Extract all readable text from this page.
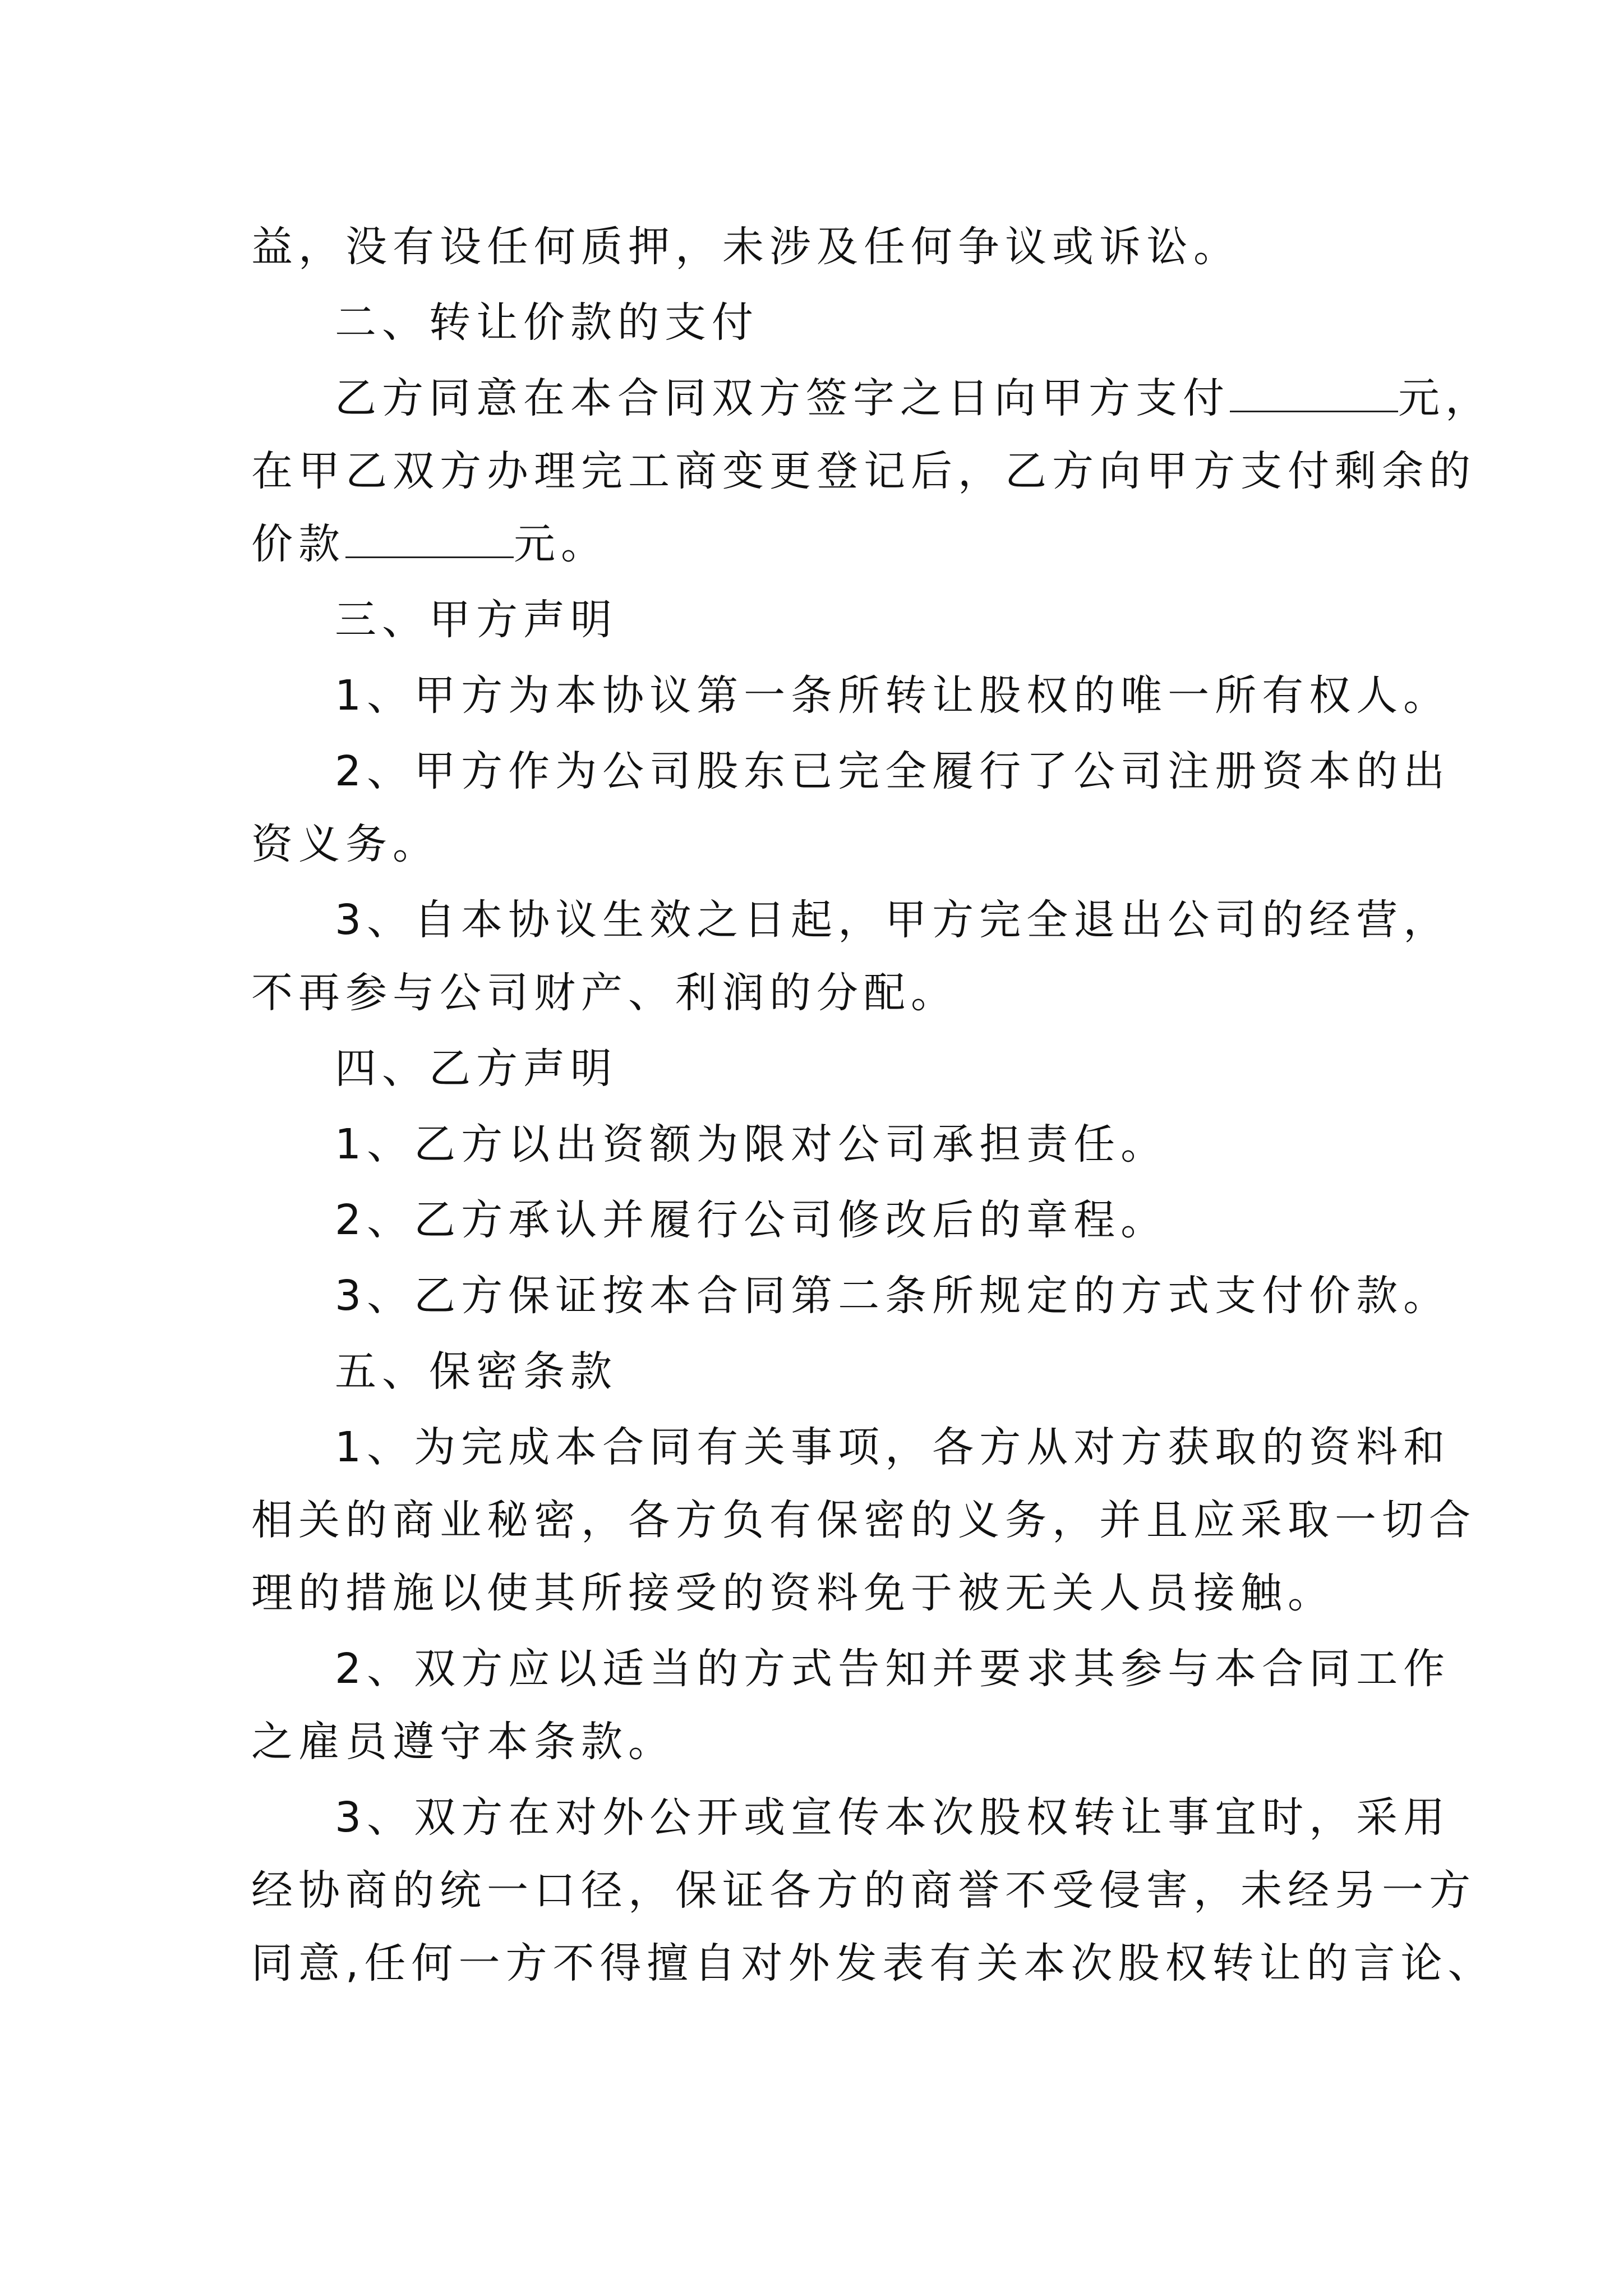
益，没有设任何质押，未涉及任何争议或诉讼。
二、转让价款的支付
乙方同意在本合同双方签字之日向甲方支付	元，
在甲乙双方办理完工商变更登记后，乙方向甲方支付剩余的
价款	元。
三、甲方声明
1、甲方为本协议第一条所转让股权的唯一所有权人。
2、甲方作为公司股东已完全履行了公司注册资本的出
资义务。
3、自本协议生效之日起，甲方完全退出公司的经营，
不再参与公司财产、利润的分配。
四、乙方声明
1、乙方以出资额为限对公司承担责任。
2、乙方承认并履行公司修改后的章程。
3、乙方保证按本合同第二条所规定的方式支付价款。
五、保密条款
1、为完成本合同有关事项，各方从对方获取的资料和
相关的商业秘密，各方负有保密的义务，并且应采取一切合
理的措施以使其所接受的资料免于被无关人员接触。
2、双方应以适当的方式告知并要求其参与本合同工作
之雇员遵守本条款。
3、双方在对外公开或宣传本次股权转让事宜时，采用
经协商的统一口径，保证各方的商誉不受侵害，未经另一方
同意,任何一方不得擅自对外发表有关本次股权转让的言论、
